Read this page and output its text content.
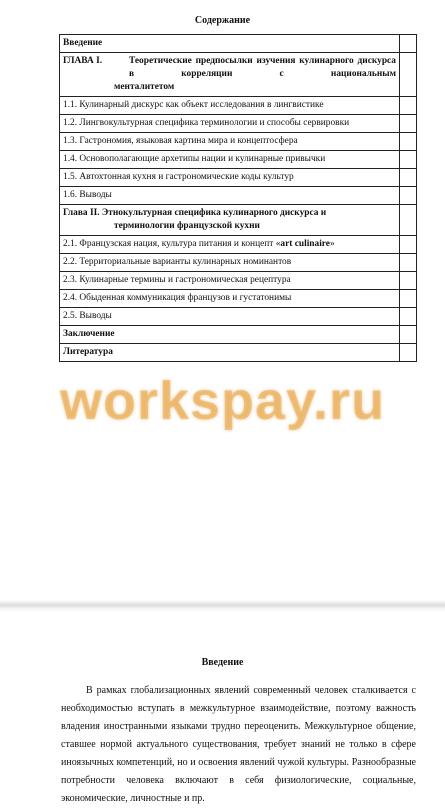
Содержание
Введение	

ГЛАВА I. Теоретические предпосылки изучения кулинарного дискурса в корреляции с национальным
менталитетом	

1.1. Кулинарный дискурс как объект исследования в лингвистике	
1.2. Лингвокультурная специфика терминологии и способы сервировки	
1.3. Гастрономия, языковая картина мира и концептосфера	
1.4. Основополагающие архетипы нации и кулинарные привычки	
1.5. Автохтонная кухня и гастрономические коды культур	
1.6. Выводы	

Глава II. Этнокультурная специфика кулинарного дискурса и
терминологии французской кухни	

2.1. Французская нация, культура питания и концепт «art culinaire»	
2.2. Территориальные варианты кулинарных номинантов	
2.3. Кулинарные термины и гастрономическая рецептура	
2.4. Обыденная коммуникация французов и густатонимы	
2.5. Выводы	
Заключение	
Литература	
workspay.ru
Введение

В рамках глобализационных явлений современный человек сталкивается с необходимостью вступать в межкультурное взаимодействие, поэтому важность владения иностранными языками трудно переоценить. Межкультурное общение, ставшее нормой актуального существования, требует знаний не только в сфере иноязычных компетенций, но и освоения явлений чужой культуры. Разнообразные потребности человека включают в себя физиологические, социальные, экономические, личностные и пр.
